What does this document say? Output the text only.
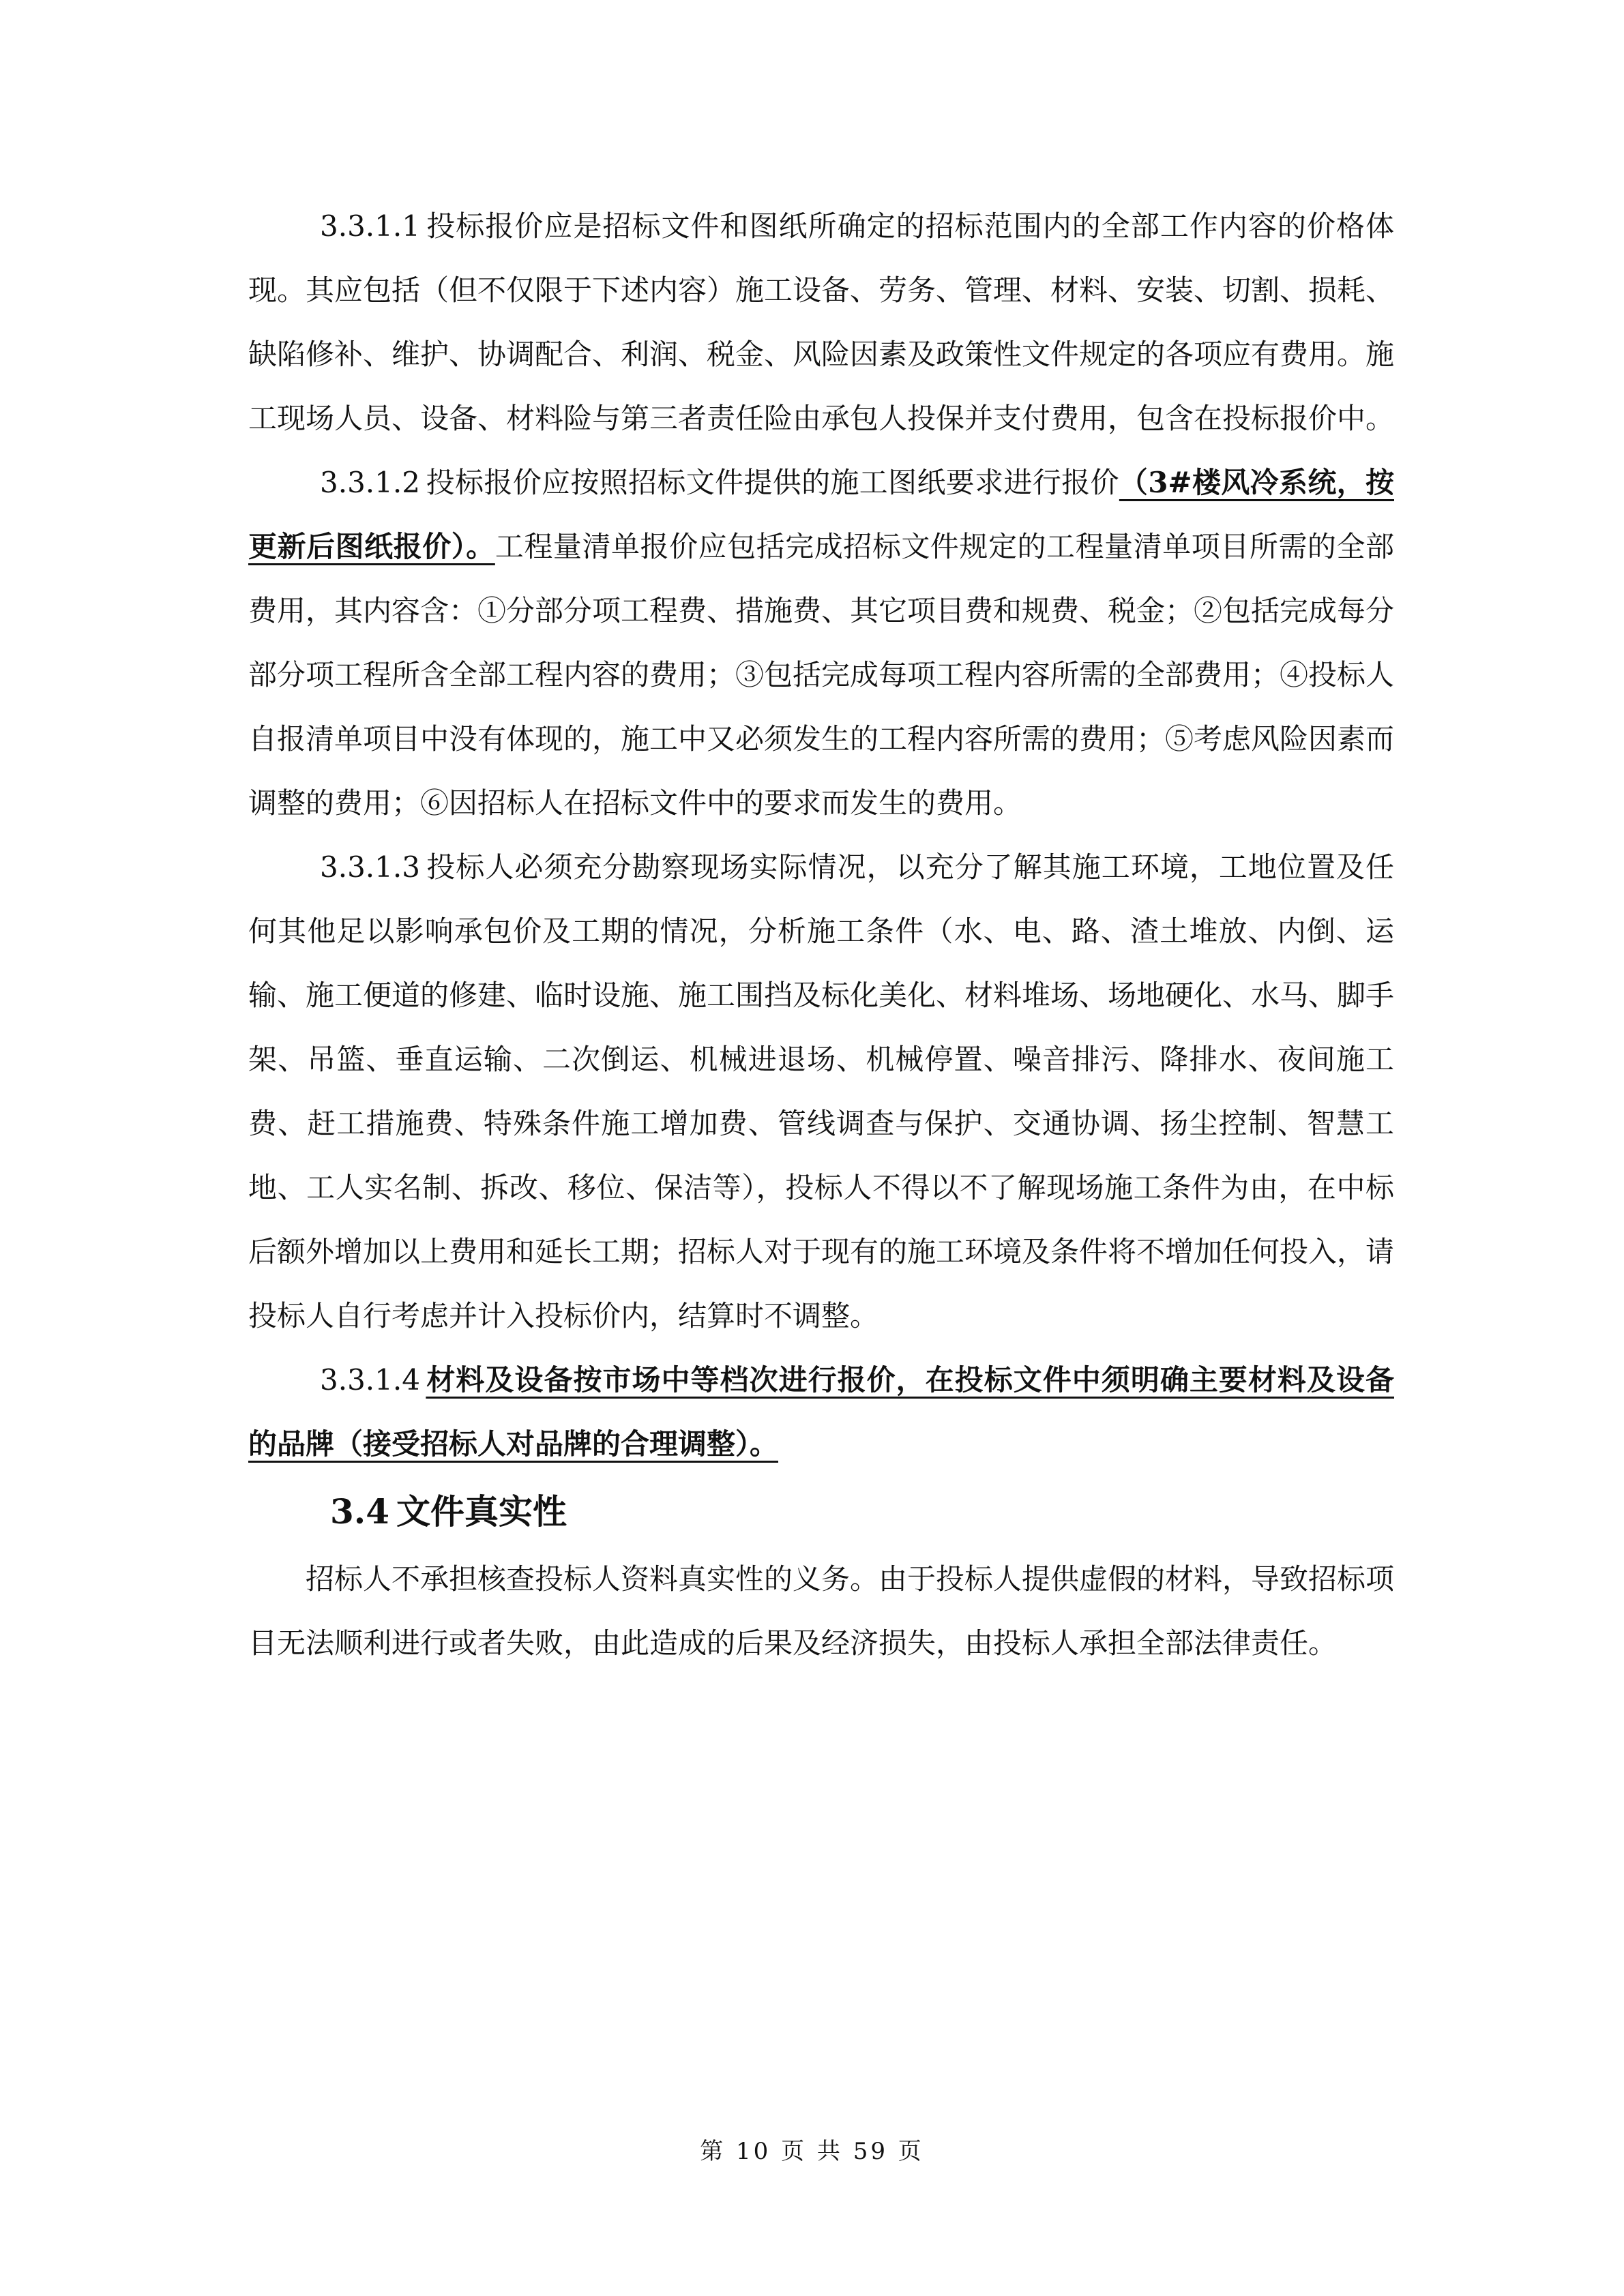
3.3.1.1 投标报价应是招标文件和图纸所确定的招标范围内的全部工作内容的价格体现。其应包括（但不仅限于下述内容）施工设备、劳务、管理、材料、安装、切割、损耗、缺陷修补、维护、协调配合、利润、税金、风险因素及政策性文件规定的各项应有费用。施工现场人员、设备、材料险与第三者责任险由承包人投保并支付费用，包含在投标报价中。

3.3.1.2 投标报价应按照招标文件提供的施工图纸要求进行报价（3#楼风冷系统，按更新后图纸报价）。工程量清单报价应包括完成招标文件规定的工程量清单项目所需的全部费用，其内容含：①分部分项工程费、措施费、其它项目费和规费、税金；②包括完成每分部分项工程所含全部工程内容的费用；③包括完成每项工程内容所需的全部费用；④投标人自报清单项目中没有体现的，施工中又必须发生的工程内容所需的费用；⑤考虑风险因素而调整的费用；⑥因招标人在招标文件中的要求而发生的费用。

3.3.1.3 投标人必须充分勘察现场实际情况，以充分了解其施工环境，工地位置及任何其他足以影响承包价及工期的情况，分析施工条件（水、电、路、渣土堆放、内倒、运输、施工便道的修建、临时设施、施工围挡及标化美化、材料堆场、场地硬化、水马、脚手架、吊篮、垂直运输、二次倒运、机械进退场、机械停置、噪音排污、降排水、夜间施工费、赶工措施费、特殊条件施工增加费、管线调查与保护、交通协调、扬尘控制、智慧工地、工人实名制、拆改、移位、保洁等），投标人不得以不了解现场施工条件为由，在中标后额外增加以上费用和延长工期；招标人对于现有的施工环境及条件将不增加任何投入，请投标人自行考虑并计入投标价内，结算时不调整。

3.3.1.4 材料及设备按市场中等档次进行报价，在投标文件中须明确主要材料及设备的品牌（接受招标人对品牌的合理调整）。

3.4 文件真实性

招标人不承担核查投标人资料真实性的义务。由于投标人提供虚假的材料，导致招标项目无法顺利进行或者失败，由此造成的后果及经济损失，由投标人承担全部法律责任。

第 10 页 共 59 页
